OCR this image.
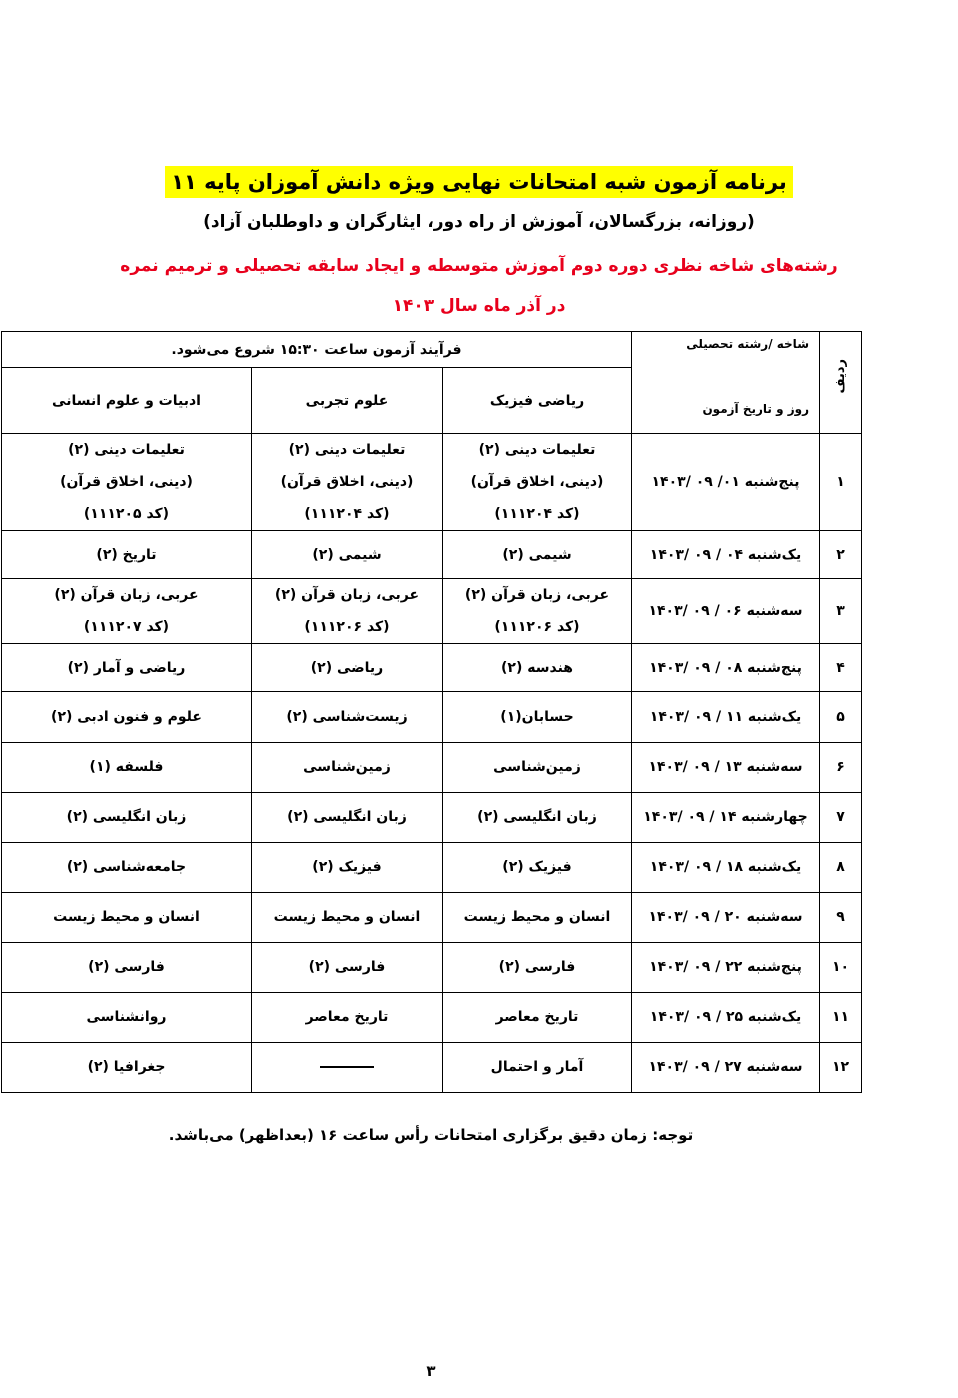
برنامه آزمون شبه امتحانات نهایی ویژه دانش آموزان پایه ۱۱
(روزانه، بزرگسالان، آموزش از راه دور، ایثارگران و داوطلبان آزاد)
رشته‌های شاخه نظری دوره دوم آموزش متوسطه و ایجاد سابقه تحصیلی و ترمیم نمره
در آذر ماه سال ۱۴۰۳
ردیف	شاخه /رشته تحصیلی
روز و تاریخ آزمون	فرآیند آزمون ساعت ۱۵:۳۰ شروع می‌شود.		
		ریاضی فیزیک	علوم تجربی	ادبیات و علوم انسانی
۱	پنج‌شنبه ۰۱/ ۰۹ /۱۴۰۳	تعلیمات دینی (۲)
(دینی، اخلاق قرآن)
(کد ۱۱۱۲۰۴)	تعلیمات دینی (۲)
(دینی، اخلاق قرآن)
(کد ۱۱۱۲۰۴)	تعلیمات دینی (۲)
(دینی، اخلاق قرآن)
(کد ۱۱۱۲۰۵)

۲	یک‌شنبه ۰۴ / ۰۹ /۱۴۰۳	شیمی (۲)	شیمی (۲)	تاریخ (۲)

۳	سه‌شنبه ۰۶ / ۰۹ /۱۴۰۳	عربی، زبان قرآن (۲)
(کد ۱۱۱۲۰۶)	عربی، زبان قرآن (۲)
(کد ۱۱۱۲۰۶)	عربی، زبان قرآن (۲)
(کد ۱۱۱۲۰۷)

۴	پنج‌شنبه ۰۸ / ۰۹ /۱۴۰۳	هندسه (۲)	ریاضی (۲)	ریاضی و آمار (۲)

۵	یک‌شنبه ۱۱ / ۰۹ /۱۴۰۳	حسابان(۱)	زیست‌شناسی (۲)	علوم و فنون ادبی (۲)

۶	سه‌شنبه ۱۳ / ۰۹ /۱۴۰۳	زمین‌شناسی	زمین‌شناسی	فلسفه (۱)

۷	چهارشنبه ۱۴ / ۰۹ /۱۴۰۳	زبان انگلیسی (۲)	زبان انگلیسی (۲)	زبان انگلیسی (۲)

۸	یک‌شنبه ۱۸ / ۰۹ /۱۴۰۳	فیزیک (۲)	فیزیک (۲)	جامعه‌شناسی (۲)

۹	سه‌شنبه ۲۰ / ۰۹ /۱۴۰۳	انسان و محیط زیست	انسان و محیط زیست	انسان و محیط زیست

۱۰	پنج‌شنبه ۲۲ / ۰۹ /۱۴۰۳	فارسی (۲)	فارسی (۲)	فارسی (۲)

۱۱	یک‌شنبه ۲۵ / ۰۹ /۱۴۰۳	تاریخ معاصر	تاریخ معاصر	روانشناسی

۱۲	سه‌شنبه ۲۷ / ۰۹ /۱۴۰۳	آمار و احتمال		جغرافیا (۲)
توجه: زمان دقیق برگزاری امتحانات رأس ساعت ۱۶ (بعداظهر) می‌باشد.
۳
